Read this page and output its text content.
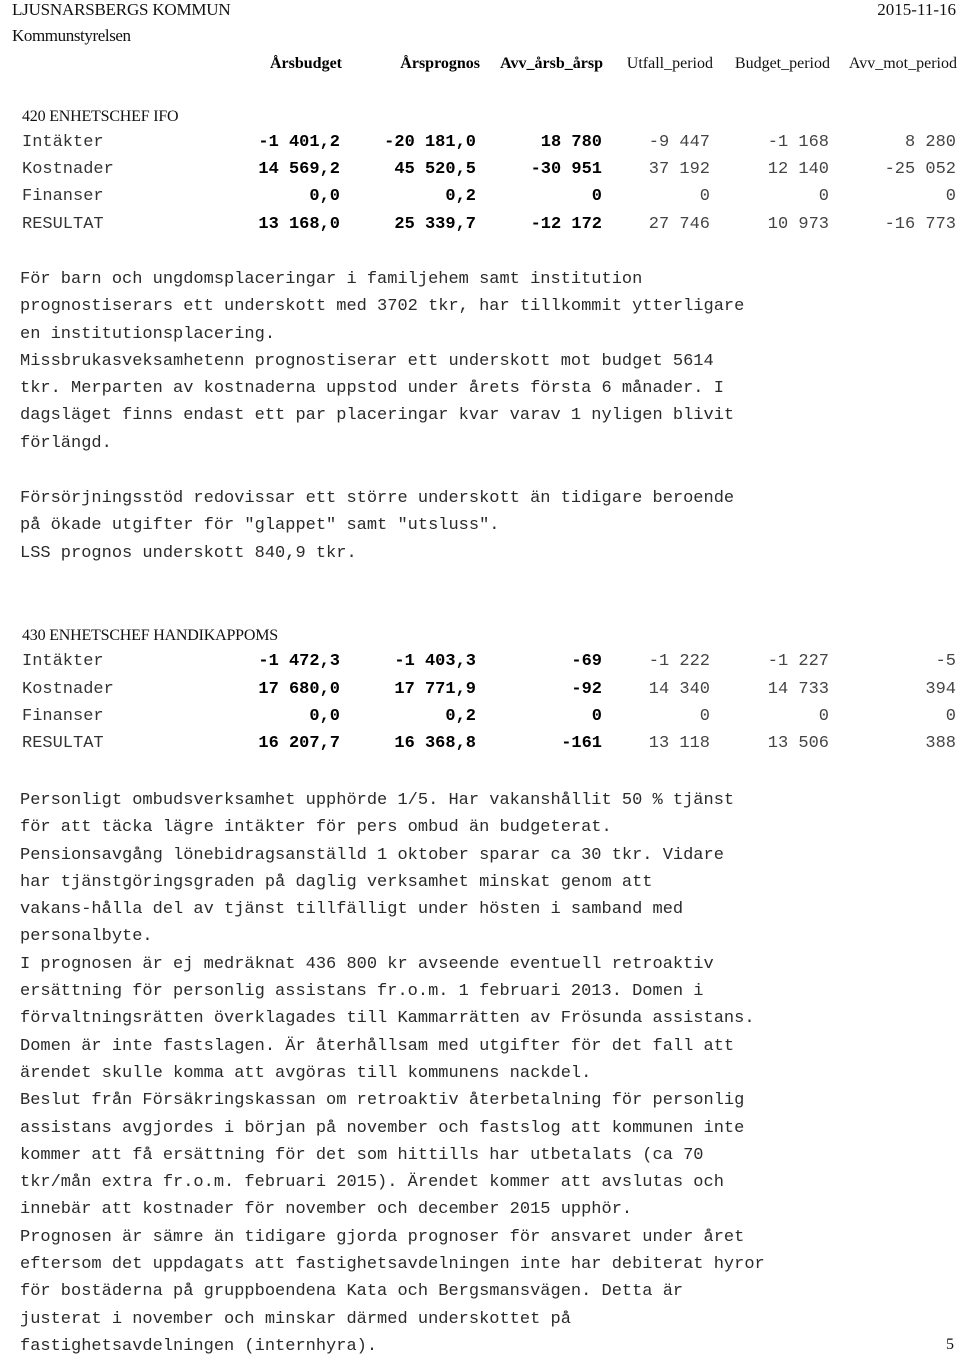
LJUSNARSBERGS KOMMUN
Kommunstyrelsen
2015-11-16
Årsbudget	Årsprognos Avv_årsb_årsp Utfall_period Budget_period Avv_mot_period
420 ENHETSCHEF IFO
Intäkter	-1 401,2	-20 181,0	18 780	-9 447	-1 168	8 280
Kostnader	14 569,2	45 520,5	-30 951	37 192	12 140	-25 052
Finanser	0,0	0,2	0	0	0	0
RESULTAT	13 168,0	25 339,7	-12 172	27 746	10 973	-16 773
För barn och ungdomsplaceringar i familjehem samt institution
prognostiserars ett underskott med 3702 tkr, har tillkommit ytterligare
en institutionsplacering.
Missbrukasveksamhetenn prognostiserar ett underskott mot budget 5614
tkr. Merparten av kostnaderna uppstod under årets första 6 månader. I
dagsläget finns endast ett par placeringar kvar varav 1 nyligen blivit
förlängd.
Försörjningsstöd redovissar ett större underskott än tidigare beroende
på ökade utgifter för "glappet" samt "utsluss".
LSS prognos underskott 840,9 tkr.
430 ENHETSCHEF HANDIKAPPOMS
Intäkter	-1 472,3	-1 403,3	-69	-1 222	-1 227	-5
Kostnader	17 680,0	17 771,9	-92	14 340	14 733	394
Finanser	0,0	0,2	0	0	0	0
RESULTAT	16 207,7	16 368,8	-161	13 118	13 506	388
Personligt ombudsverksamhet upphörde 1/5. Har vakanshållit 50 % tjänst
för att täcka lägre intäkter för pers ombud än budgeterat.
Pensionsavgång lönebidragsanställd 1 oktober sparar ca 30 tkr. Vidare
har tjänstgöringsgraden på daglig verksamhet minskat genom att
vakans-hålla del av tjänst tillfälligt under hösten i samband med
personalbyte.
I prognosen är ej medräknat 436 800 kr avseende eventuell retroaktiv
ersättning för personlig assistans fr.o.m. 1 februari 2013. Domen i
förvaltningsrätten överklagades till Kammarrätten av Frösunda assistans.
Domen är inte fastslagen. Är återhållsam med utgifter för det fall att
ärendet skulle komma att avgöras till kommunens nackdel.
Beslut från Försäkringskassan om retroaktiv återbetalning för personlig
assistans avgjordes i början på november och fastslog att kommunen inte
kommer att få ersättning för det som hittills har utbetalats (ca 70
tkr/mån extra fr.o.m. februari 2015). Ärendet kommer att avslutas och
innebär att kostnader för november och december 2015 upphör.
Prognosen är sämre än tidigare gjorda prognoser för ansvaret under året
eftersom det uppdagats att fastighetsavdelningen inte har debiterat hyror
för bostäderna på gruppboendena Kata och Bergsmansvägen. Detta är
justerat i november och minskar därmed underskottet på
fastighetsavdelningen (internhyra).	5
